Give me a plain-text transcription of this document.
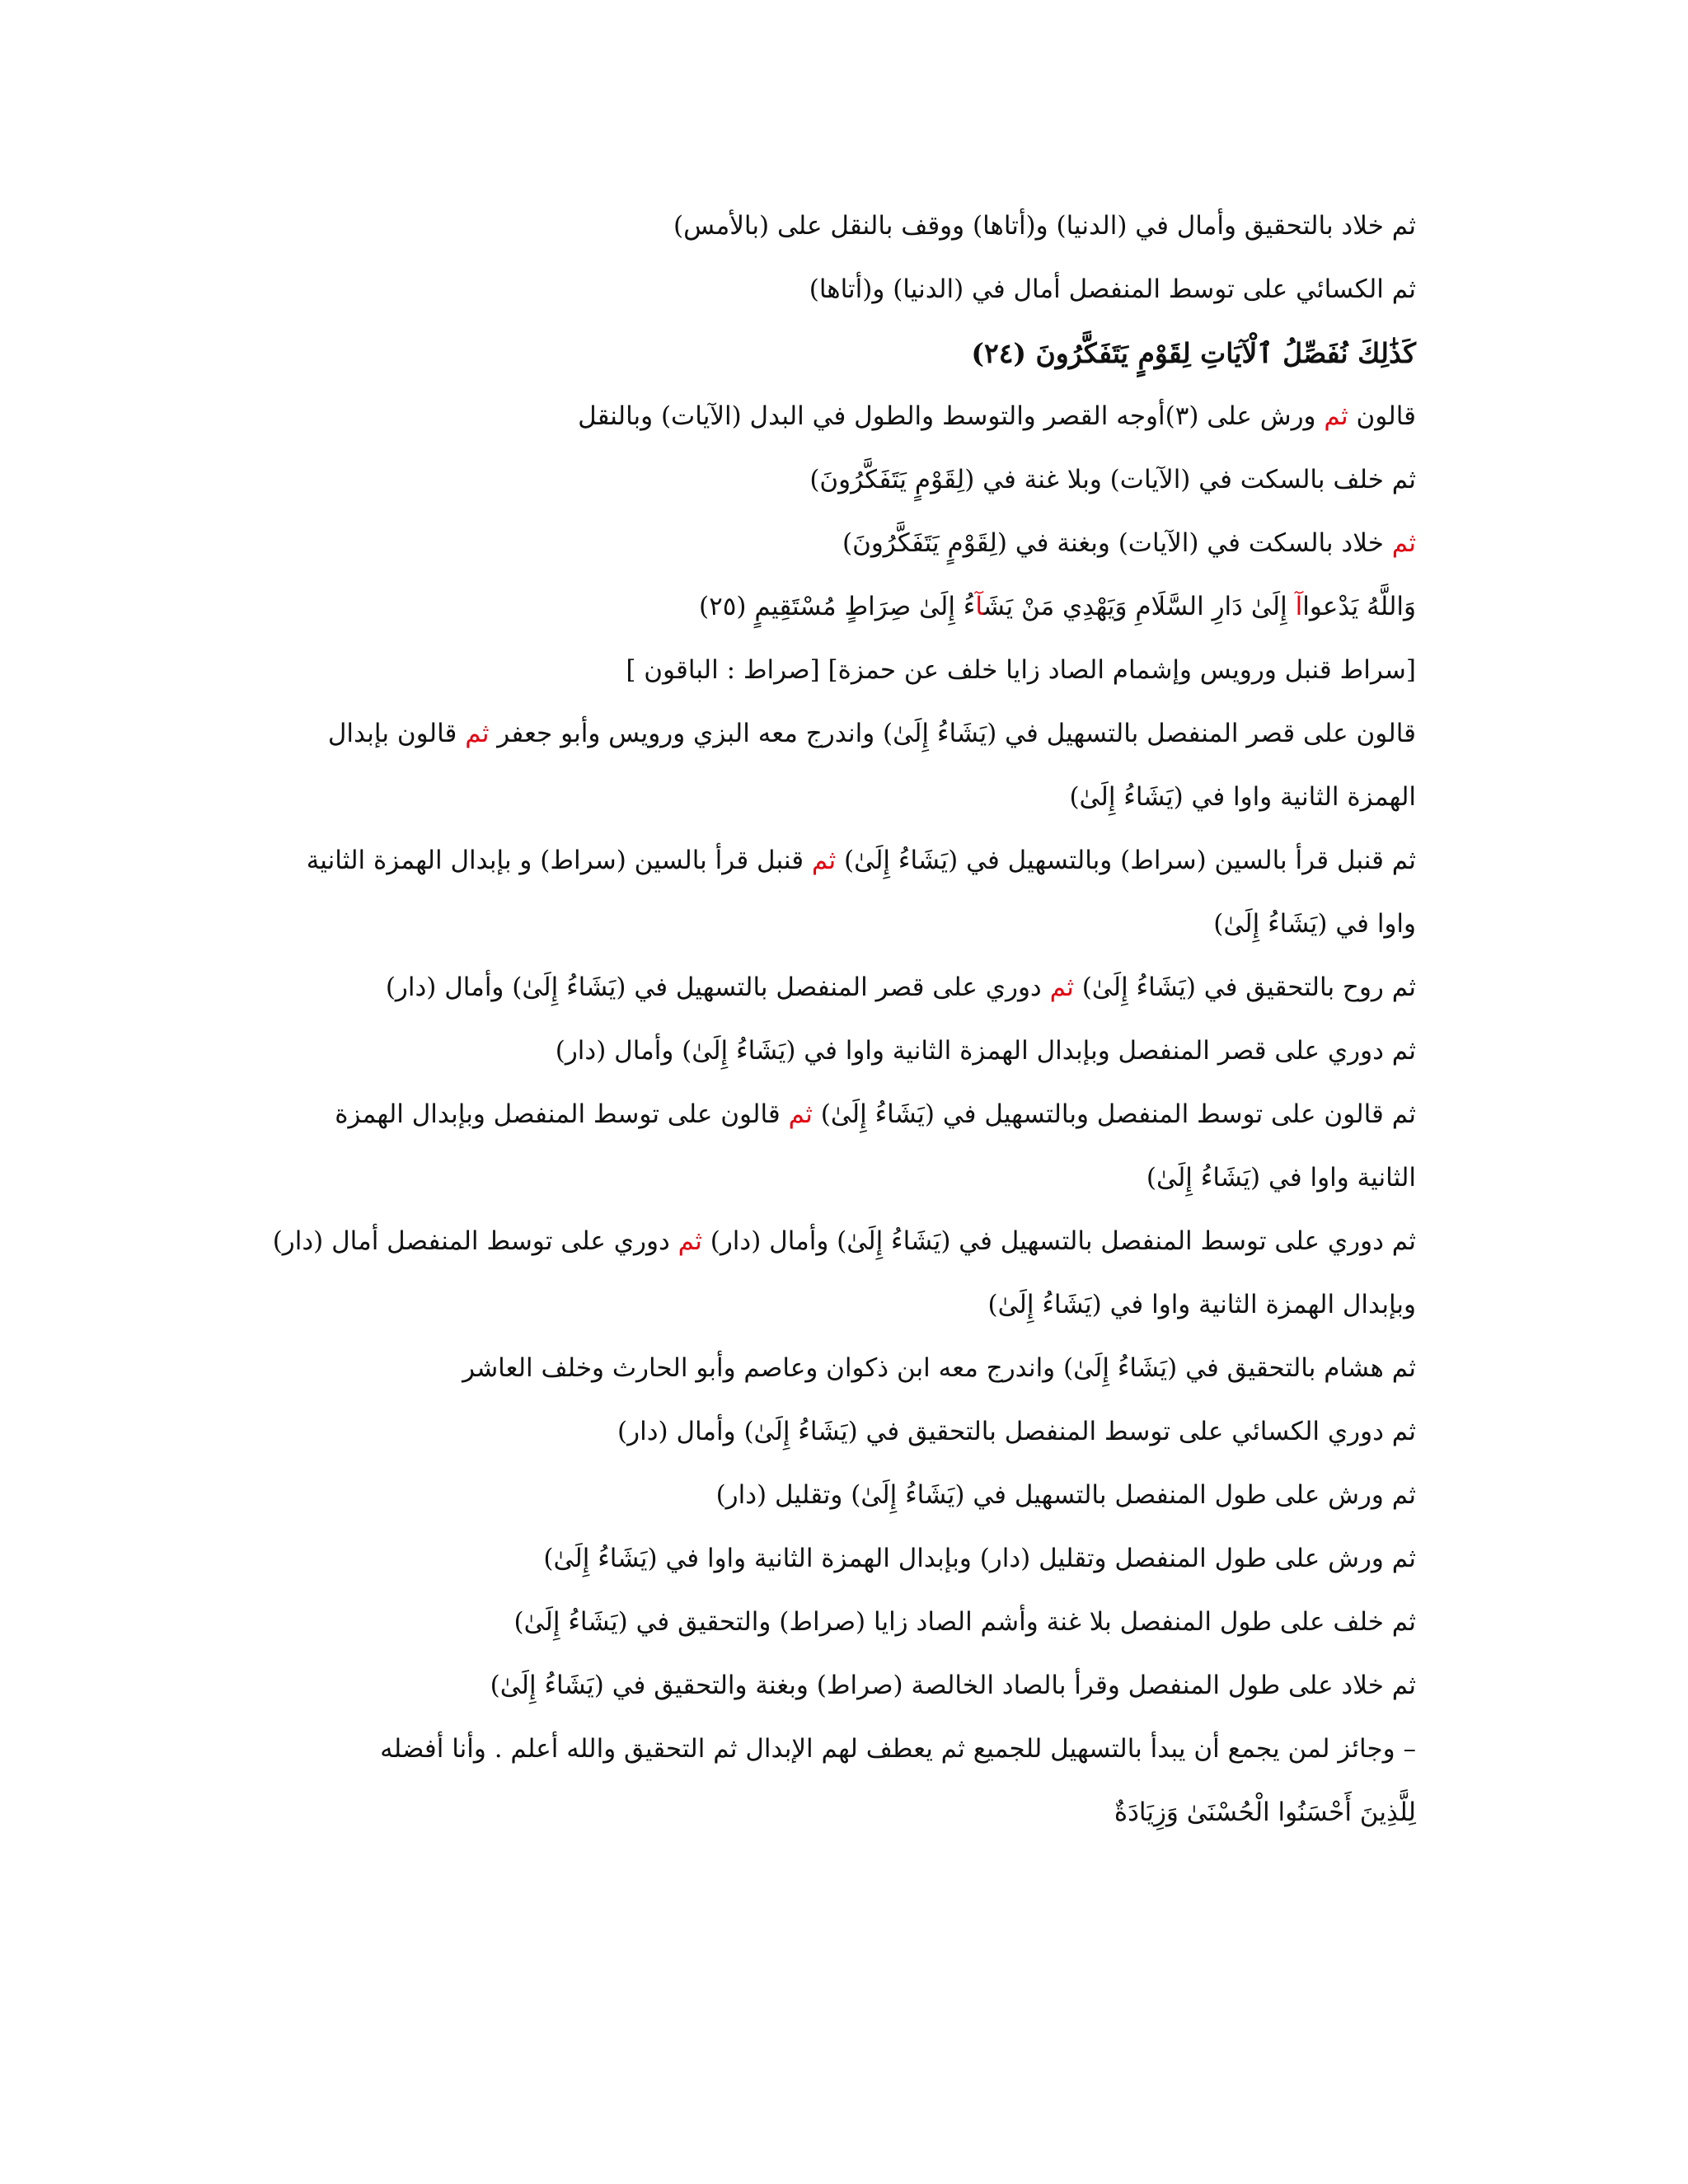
ثم خلاد بالتحقيق وأمال في (الدنيا) و(أتاها) ووقف بالنقل على (بالأمس)

ثم الكسائي على توسط المنفصل أمال في (الدنيا) و(أتاها)

كَذَٰلِكَ نُفَصِّلُ ٱلْآيَاتِ لِقَوْمٍ يَتَفَكَّرُونَ (٢٤)

قالون ثم ورش على (٣)أوجه القصر والتوسط والطول في البدل (الآيات) وبالنقل

ثم خلف بالسكت في (الآيات) وبلا غنة في (لِقَوْمٍ يَتَفَكَّرُونَ)

ثم خلاد بالسكت في (الآيات) وبغنة في (لِقَوْمٍ يَتَفَكَّرُونَ)

وَاللَّهُ يَدْعواآ إِلَىٰ دَارِ السَّلَامِ وَيَهْدِي مَنْ يَشَآءُ إِلَىٰ صِرَاطٍ مُسْتَقِيمٍ (٢٥)

[سراط قنبل ورويس وإشمام الصاد زايا خلف عن حمزة] [صراط : الباقون ]

قالون على قصر المنفصل بالتسهيل في (يَشَاءُ إِلَىٰ) واندرج معه البزي ورويس وأبو جعفر ثم قالون بإبدال الهمزة الثانية واوا في (يَشَاءُ إِلَىٰ)

ثم قنبل قرأ بالسين (سراط) وبالتسهيل في (يَشَاءُ إِلَىٰ) ثم قنبل قرأ بالسين (سراط) و بإبدال الهمزة الثانية واوا في (يَشَاءُ إِلَىٰ)

ثم روح بالتحقيق في (يَشَاءُ إِلَىٰ) ثم دوري على قصر المنفصل بالتسهيل في (يَشَاءُ إِلَىٰ) وأمال (دار)

ثم دوري على قصر المنفصل وبإبدال الهمزة الثانية واوا في (يَشَاءُ إِلَىٰ) وأمال (دار)

ثم قالون على توسط المنفصل وبالتسهيل في (يَشَاءُ إِلَىٰ) ثم قالون على توسط المنفصل وبإبدال الهمزة الثانية واوا في (يَشَاءُ إِلَىٰ)

ثم دوري على توسط المنفصل بالتسهيل في (يَشَاءُ إِلَىٰ) وأمال (دار) ثم دوري على توسط المنفصل أمال (دار) وبإبدال الهمزة الثانية واوا في (يَشَاءُ إِلَىٰ)

ثم هشام بالتحقيق في (يَشَاءُ إِلَىٰ) واندرج معه ابن ذكوان وعاصم وأبو الحارث وخلف العاشر

ثم دوري الكسائي على توسط المنفصل بالتحقيق في (يَشَاءُ إِلَىٰ) وأمال (دار)

ثم ورش على طول المنفصل بالتسهيل في (يَشَاءُ إِلَىٰ) وتقليل (دار)

ثم ورش على طول المنفصل وتقليل (دار) وبإبدال الهمزة الثانية واوا في (يَشَاءُ إِلَىٰ)

ثم خلف على طول المنفصل بلا غنة وأشم الصاد زايا (صراط) والتحقيق في (يَشَاءُ إِلَىٰ)

ثم خلاد على طول المنفصل وقرأ بالصاد الخالصة (صراط) وبغنة والتحقيق في (يَشَاءُ إِلَىٰ)

– وجائز لمن يجمع أن يبدأ بالتسهيل للجميع ثم يعطف لهم الإبدال ثم التحقيق والله أعلم . وأنا أفضله

لِلَّذِينَ أَحْسَنُوا الْحُسْنَىٰ وَزِيَادَةٌ
